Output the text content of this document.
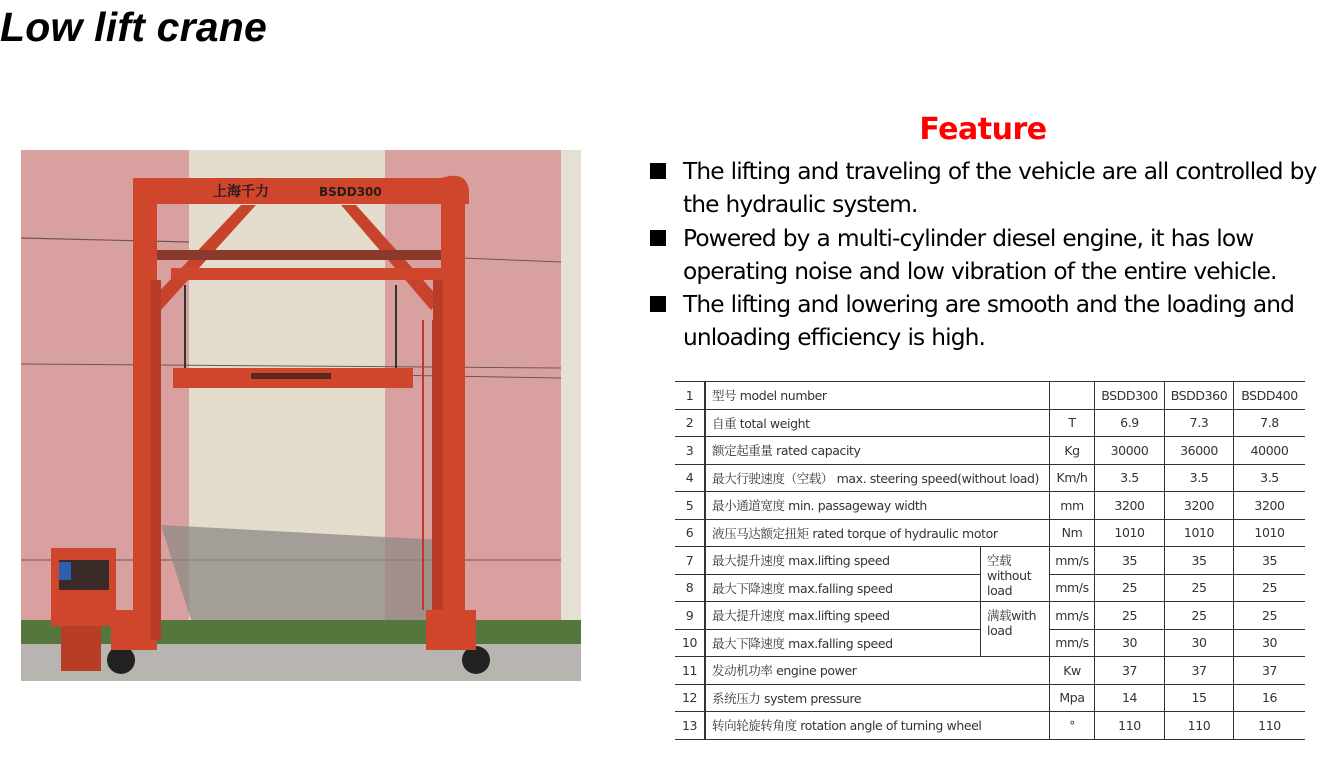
Low lift crane
上海千力	BSDD300
Feature
The lifting and traveling of the vehicle are all controlled by the hydraulic system.
Powered by a multi-cylinder diesel engine, it has low operating noise and low vibration of the entire vehicle.
The lifting and lowering are smooth and the loading and unloading efficiency is high.
1	型号 model number			BSDD300	BSDD360	BSDD400
2	自重 total weight		T	6.9	7.3	7.8
3	额定起重量 rated capacity		Kg	30000	36000	40000
4	最大行驶速度（空载） max. steering speed(without load)		Km/h	3.5	3.5	3.5
5	最小通道宽度 min. passageway width		mm	3200	3200	3200
6	液压马达额定扭矩 rated torque of hydraulic motor		Nm	1010	1010	1010
7	最大提升速度 max.lifting speed	空载 without load	mm/s	35	35	35
8	最大下降速度 max.falling speed		mm/s	25	25	25
9	最大提升速度 max.lifting speed	满载with load	mm/s	25	25	25
10	最大下降速度 max.falling speed		mm/s	30	30	30
11	发动机功率 engine power		Kw	37	37	37
12	系统压力 system pressure		Mpa	14	15	16
13	转向轮旋转角度 rotation angle of turning wheel		°	110	110	110
